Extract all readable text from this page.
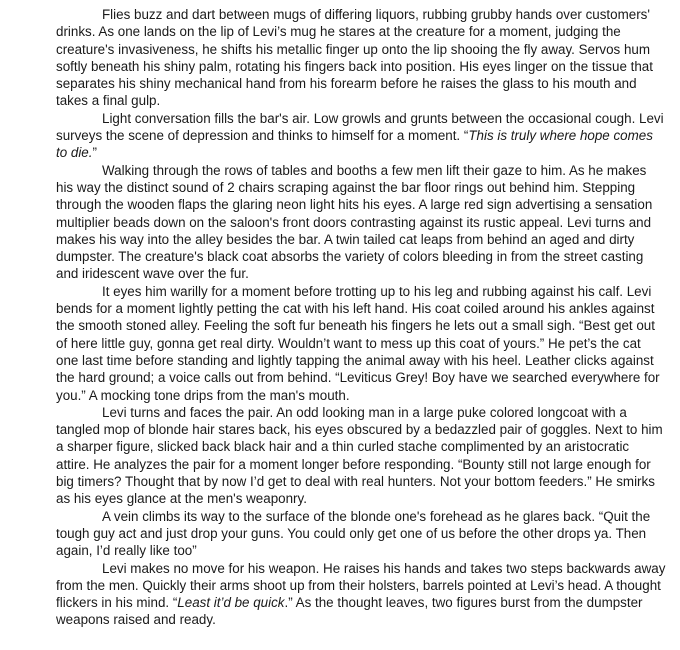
Flies buzz and dart between mugs of differing liquors, rubbing grubby hands over customers' drinks. As one lands on the lip of Levi’s mug he stares at the creature for a moment, judging the creature's invasiveness, he shifts his metallic finger up onto the lip shooing the fly away. Servos hum softly beneath his shiny palm, rotating his fingers back into position. His eyes linger on the tissue that separates his shiny mechanical hand from his forearm before he raises the glass to his mouth and takes a final gulp.

Light conversation fills the bar's air. Low growls and grunts between the occasional cough. Levi surveys the scene of depression and thinks to himself for a moment. “This is truly where hope comes to die.”

Walking through the rows of tables and booths a few men lift their gaze to him. As he makes his way the distinct sound of 2 chairs scraping against the bar floor rings out behind him. Stepping through the wooden flaps the glaring neon light hits his eyes. A large red sign advertising a sensation multiplier beads down on the saloon's front doors contrasting against its rustic appeal. Levi turns and makes his way into the alley besides the bar. A twin tailed cat leaps from behind an aged and dirty dumpster. The creature's black coat absorbs the variety of colors bleeding in from the street casting and iridescent wave over the fur.

It eyes him warilly for a moment before trotting up to his leg and rubbing against his calf. Levi bends for a moment lightly petting the cat with his left hand. His coat coiled around his ankles against the smooth stoned alley. Feeling the soft fur beneath his fingers he lets out a small sigh. “Best get out of here little guy, gonna get real dirty. Wouldn’t want to mess up this coat of yours.” He pet’s the cat one last time before standing and lightly tapping the animal away with his heel. Leather clicks against the hard ground; a voice calls out from behind. “Leviticus Grey! Boy have we searched everywhere for you.” A mocking tone drips from the man's mouth.

Levi turns and faces the pair. An odd looking man in a large puke colored longcoat with a tangled mop of blonde hair stares back, his eyes obscured by a bedazzled pair of goggles. Next to him a sharper figure, slicked back black hair and a thin curled stache complimented by an aristocratic attire. He analyzes the pair for a moment longer before responding. “Bounty still not large enough for big timers? Thought that by now I’d get to deal with real hunters. Not your bottom feeders.” He smirks as his eyes glance at the men's weaponry.

A vein climbs its way to the surface of the blonde one's forehead as he glares back. “Quit the tough guy act and just drop your guns. You could only get one of us before the other drops ya. Then again, I’d really like too”

Levi makes no move for his weapon. He raises his hands and takes two steps backwards away from the men. Quickly their arms shoot up from their holsters, barrels pointed at Levi’s head. A thought flickers in his mind. “Least it’d be quick.” As the thought leaves, two figures burst from the dumpster weapons raised and ready.
